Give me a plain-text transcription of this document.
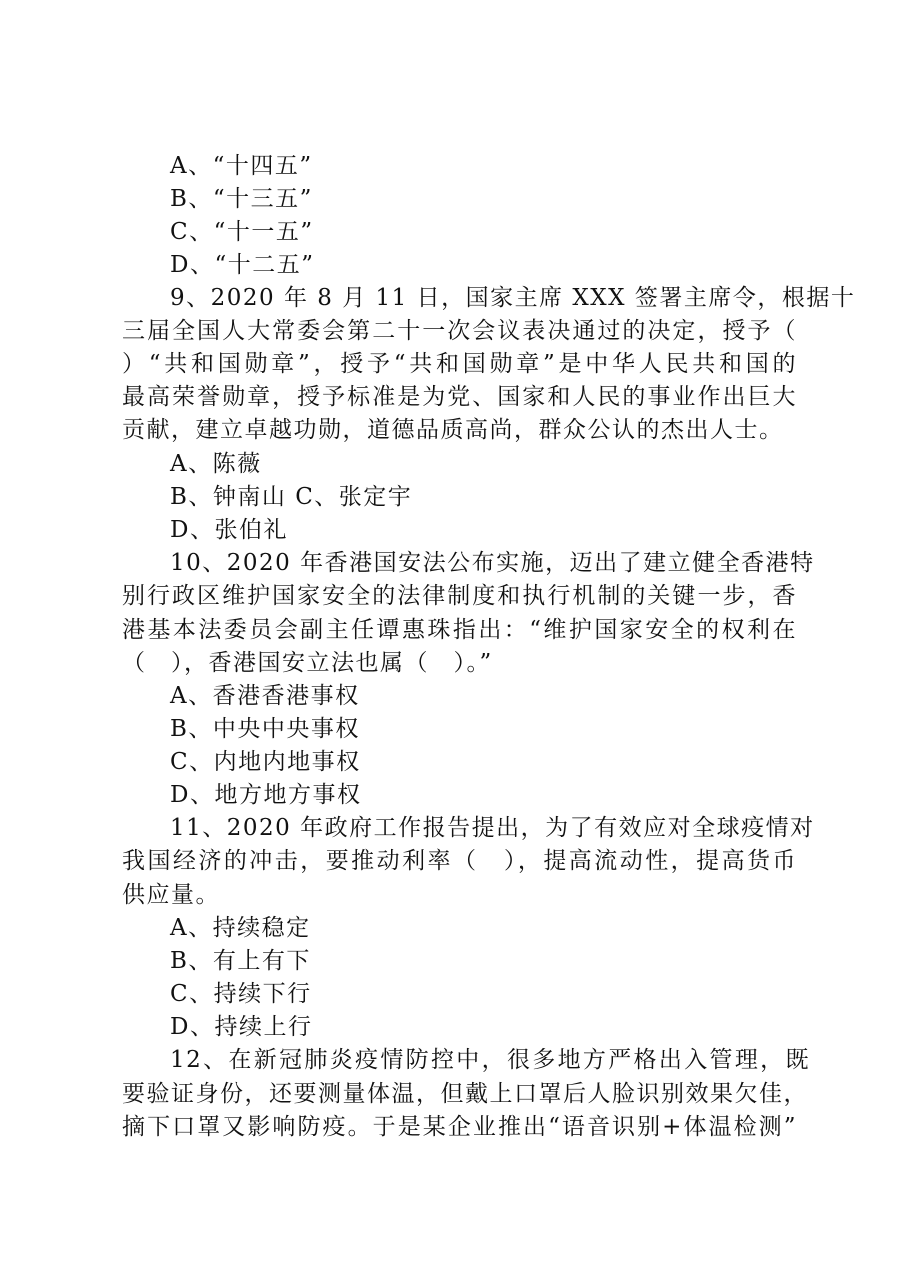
A、“十四五”
B、“十三五”
C、“十一五”
D、“十二五”
9、2020 年 8 月 11 日，国家主席 XXX 签署主席令，根据十
三届全国人大常委会第二十一次会议表决通过的决定，授予（
）“共和国勋章”，授予“共和国勋章”是中华人民共和国的
最高荣誉勋章，授予标准是为党、国家和人民的事业作出巨大
贡献，建立卓越功勋，道德品质高尚，群众公认的杰出人士。
A、陈薇
B、钟南山 C、张定宇
D、张伯礼
10、2020 年香港国安法公布实施，迈出了建立健全香港特
别行政区维护国家安全的法律制度和执行机制的关键一步，香
港基本法委员会副主任谭惠珠指出：“维护国家安全的权利在
（　），香港国安立法也属（　）。”
A、香港香港事权
B、中央中央事权
C、内地内地事权
D、地方地方事权
11、2020 年政府工作报告提出，为了有效应对全球疫情对
我国经济的冲击，要推动利率（　），提高流动性，提高货币
供应量。
A、持续稳定
B、有上有下
C、持续下行
D、持续上行
12、在新冠肺炎疫情防控中，很多地方严格出入管理，既
要验证身份，还要测量体温，但戴上口罩后人脸识别效果欠佳，
摘下口罩又影响防疫。于是某企业推出“语音识别+体温检测”
